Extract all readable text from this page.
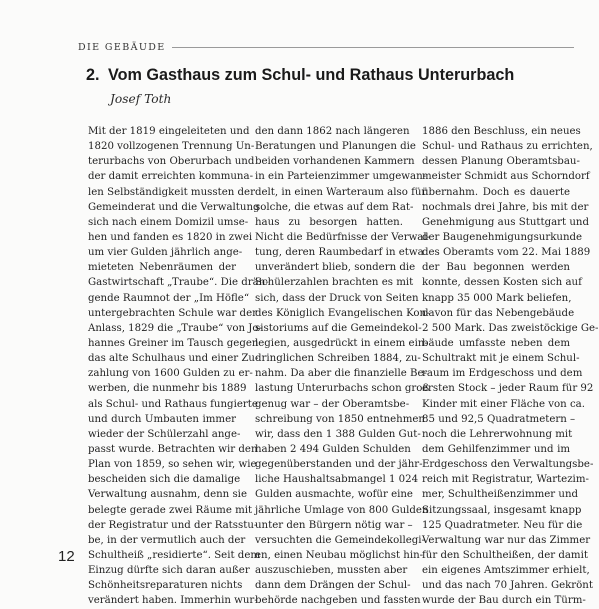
DIE GEBÄUDE
2. Vom Gasthaus zum Schul- und Rathaus Unterurbach
Josef Toth
Mit der 1819 eingeleiteten und
1820 vollzogenen Trennung Un-
terurbachs von Oberurbach und
der damit erreichten kommuna-
len Selbständigkeit mussten der
Gemeinderat und die Verwaltung
sich nach einem Domizil umse-
hen und fanden es 1820 in zwei
um vier Gulden jährlich ange-
mieteten Nebenräumen der
Gastwirtschaft „Traube“. Die drän-
gende Raumnot der „Im Höfle“
untergebrachten Schule war der
Anlass, 1829 die „Traube“ von Jo-
hannes Greiner im Tausch gegen
das alte Schulhaus und einer Zu-
zahlung von 1600 Gulden zu er-
werben, die nunmehr bis 1889
als Schul- und Rathaus fungierte
und durch Umbauten immer
wieder der Schülerzahl ange-
passt wurde. Betrachten wir den
Plan von 1859, so sehen wir, wie
bescheiden sich die damalige
Verwaltung ausnahm, denn sie
belegte gerade zwei Räume mit
der Registratur und der Ratsstu-
be, in der vermutlich auch der
Schultheiß „residierte“. Seit dem
Einzug dürfte sich daran außer
Schönheitsreparaturen nichts
verändert haben. Immerhin wur-
den dann 1862 nach längeren
Beratungen und Planungen die
beiden vorhandenen Kammern
in ein Parteienzimmer umgewan-
delt, in einen Warteraum also für
solche, die etwas auf dem Rat-
haus zu besorgen hatten.
Nicht die Bedürfnisse der Verwal-
tung, deren Raumbedarf in etwa
unverändert blieb, sondern die
Schülerzahlen brachten es mit
sich, dass der Druck von Seiten
des Königlich Evangelischen Kon-
sistoriums auf die Gemeindekol-
legien, ausgedrückt in einem ein-
dringlichen Schreiben 1884, zu-
nahm. Da aber die finanzielle Be-
lastung Unterurbachs schon groß
genug war – der Oberamtsbe-
schreibung von 1850 entnehmen
wir, dass den 1 388 Gulden Gut-
haben 2 494 Gulden Schulden
gegenüberstanden und der jähr-
liche Haushaltsabmangel 1 024
Gulden ausmachte, wofür eine
jährliche Umlage von 800 Gulden
unter den Bürgern nötig war –
versuchten die Gemeindekollegi-
en, einen Neubau möglichst hin-
auszuschieben, mussten aber
dann dem Drängen der Schul-
behörde nachgeben und fassten
1886 den Beschluss, ein neues
Schul- und Rathaus zu errichten,
dessen Planung Oberamtsbau-
meister Schmidt aus Schorndorf
übernahm. Doch es dauerte
nochmals drei Jahre, bis mit der
Genehmigung aus Stuttgart und
der Baugenehmigungsurkunde
des Oberamts vom 22. Mai 1889
der Bau begonnen werden
konnte, dessen Kosten sich auf
knapp 35 000 Mark beliefen,
davon für das Nebengebäude
2 500 Mark. Das zweistöckige Ge-
bäude umfasste neben dem
Schultrakt mit je einem Schul-
raum im Erdgeschoss und dem
ersten Stock – jeder Raum für 92
Kinder mit einer Fläche von ca.
85 und 92,5 Quadratmetern –
noch die Lehrerwohnung mit
dem Gehilfenzimmer und im
Erdgeschoss den Verwaltungsbe-
reich mit Registratur, Wartezim-
mer, Schultheißenzimmer und
Sitzungssaal, insgesamt knapp
125 Quadratmeter. Neu für die
Verwaltung war nur das Zimmer
für den Schultheißen, der damit
ein eigenes Amtszimmer erhielt,
und das nach 70 Jahren. Gekrönt
wurde der Bau durch ein Türm-
12
